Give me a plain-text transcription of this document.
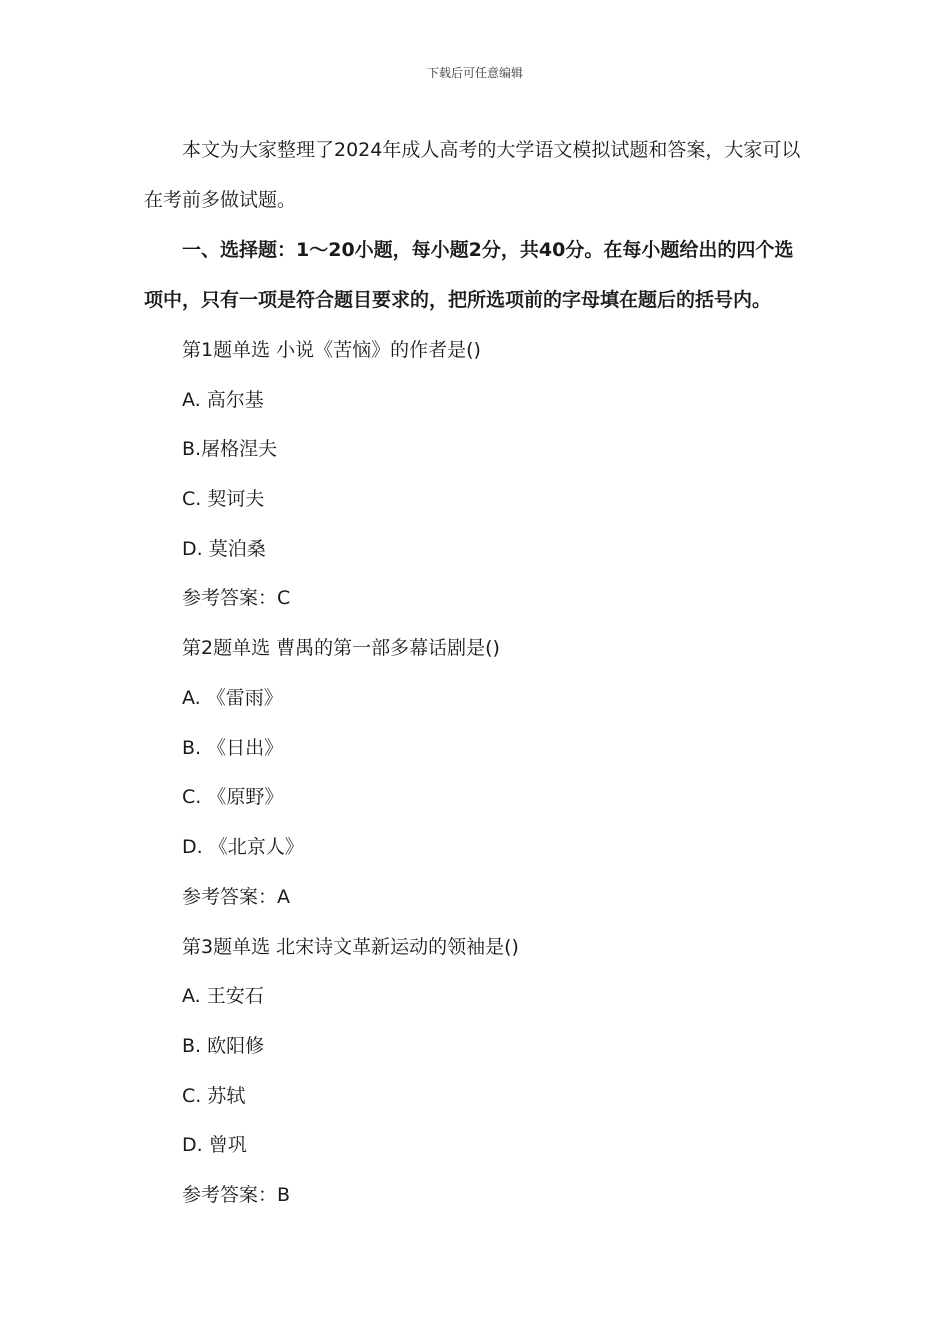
下载后可任意编辑
本文为大家整理了2024年成人高考的大学语文模拟试题和答案，大家可以在考前多做试题。
一、选择题：1～20小题，每小题2分，共40分。在每小题给出的四个选项中，只有一项是符合题目要求的，把所选项前的字母填在题后的括号内。
第1题单选 小说《苦恼》的作者是()
A. 高尔基
B.屠格涅夫
C. 契诃夫
D. 莫泊桑
参考答案：C
第2题单选 曹禺的第一部多幕话剧是()
A. 《雷雨》
B. 《日出》
C. 《原野》
D. 《北京人》
参考答案：A
第3题单选 北宋诗文革新运动的领袖是()
A. 王安石
B. 欧阳修
C. 苏轼
D. 曾巩
参考答案：B
